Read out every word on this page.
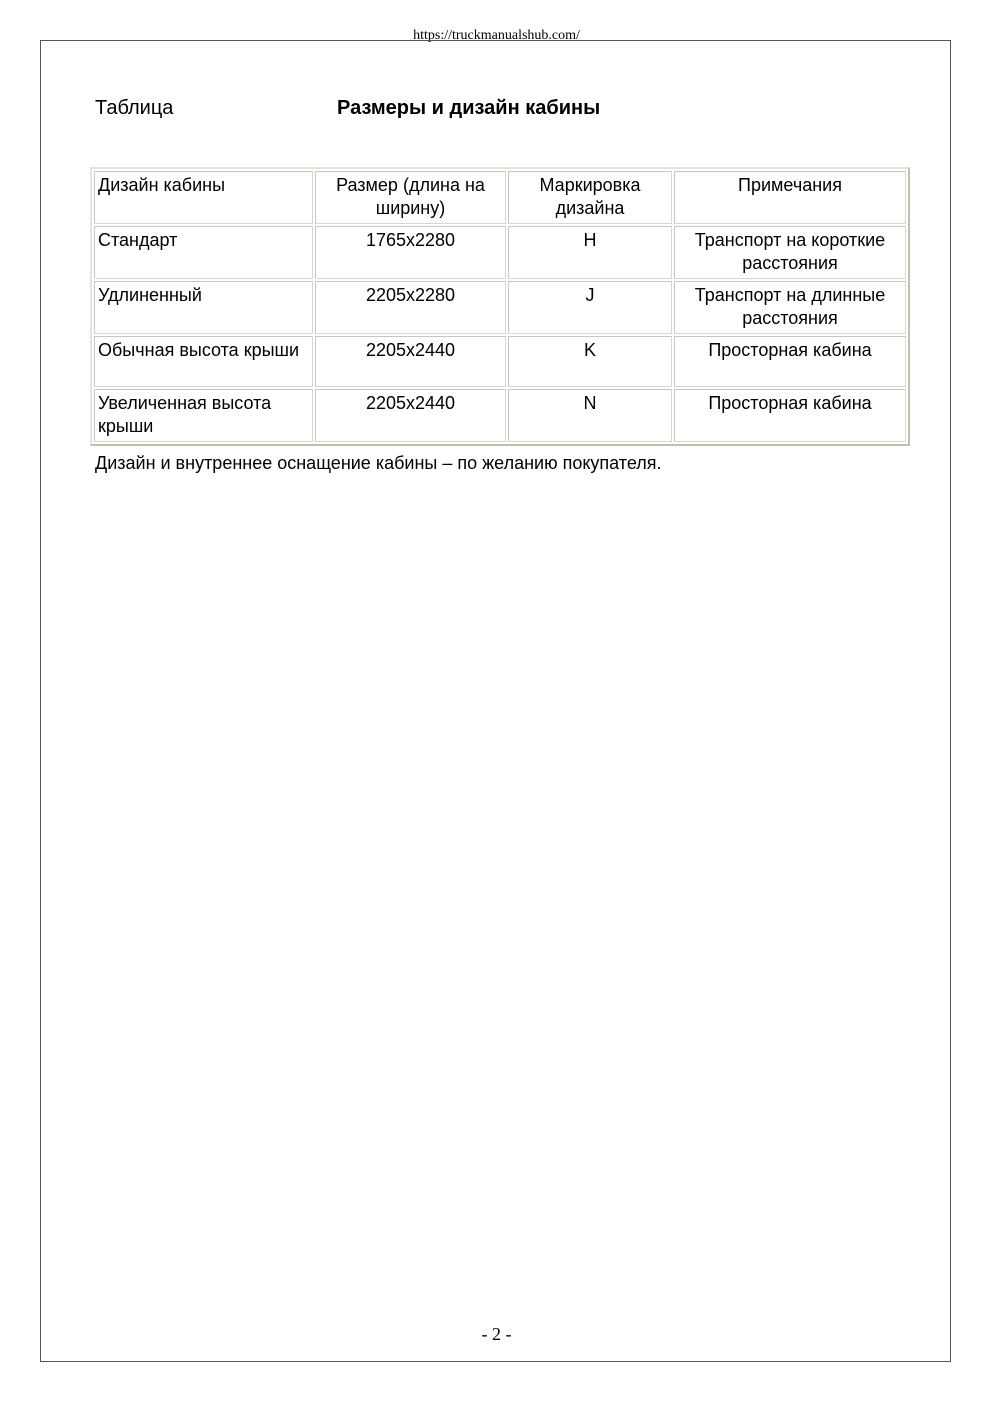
https://truckmanualshub.com/
Таблица	Размеры и дизайн кабины
Дизайн кабины	Размер (длина на ширину)	Маркировка дизайна	Примечания
Стандарт	1765x2280	H	Транспорт на короткие расстояния
Удлиненный	2205x2280	J	Транспорт на длинные расстояния
Обычная высота крыши	2205x2440	K	Просторная кабина
Увеличенная высота крыши	2205x2440	N	Просторная кабина
Дизайн и внутреннее оснащение кабины – по желанию покупателя.
- 2 -
